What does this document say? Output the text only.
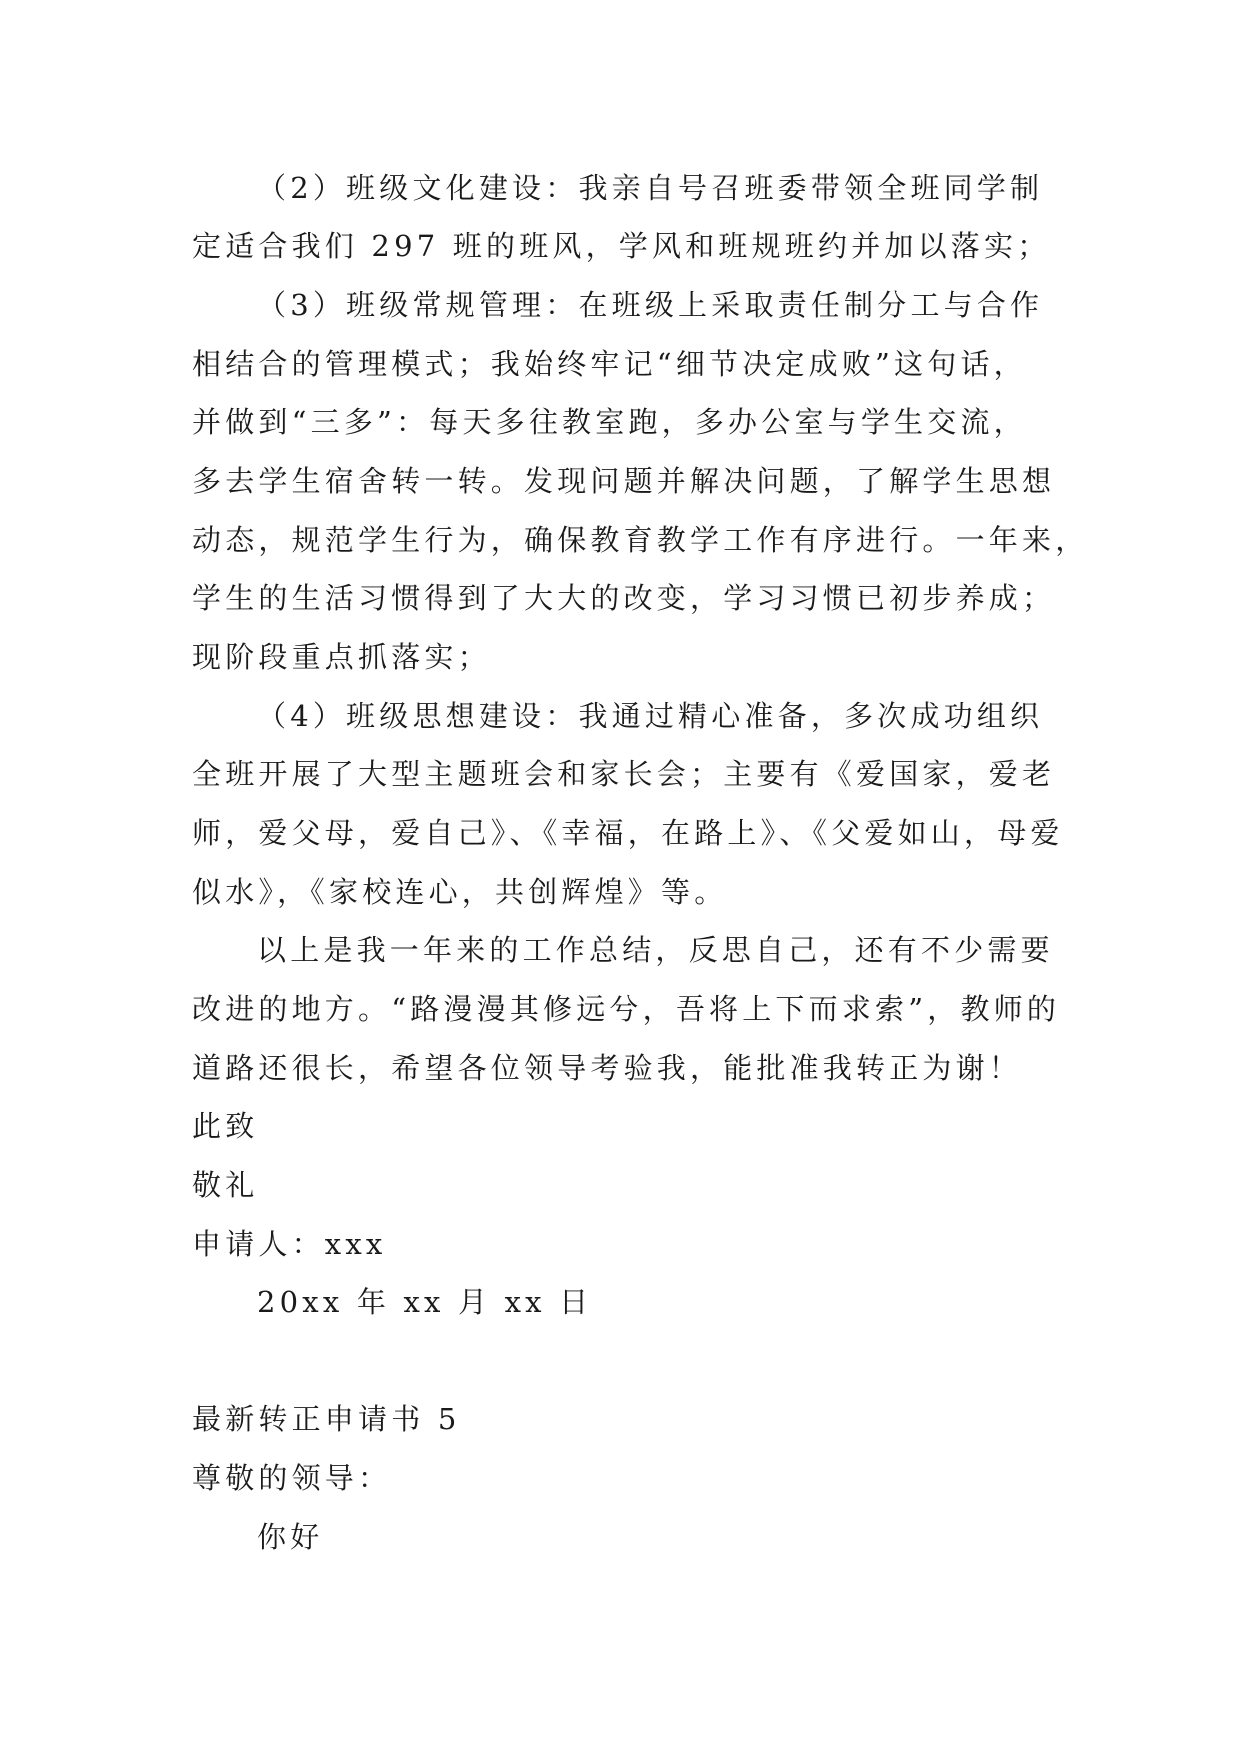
（2）班级文化建设：我亲自号召班委带领全班同学制

定适合我们 297 班的班风，学风和班规班约并加以落实；

（3）班级常规管理：在班级上采取责任制分工与合作

相结合的管理模式；我始终牢记“细节决定成败”这句话，

并做到“三多”：每天多往教室跑，多办公室与学生交流，

多去学生宿舍转一转。发现问题并解决问题，了解学生思想

动态，规范学生行为，确保教育教学工作有序进行。一年来，

学生的生活习惯得到了大大的改变，学习习惯已初步养成；

现阶段重点抓落实；

（4）班级思想建设：我通过精心准备，多次成功组织

全班开展了大型主题班会和家长会；主要有《爱国家，爱老

师，爱父母，爱自己》、《幸福，在路上》、《父爱如山，母爱

似水》，《家校连心，共创辉煌》等。

以上是我一年来的工作总结，反思自己，还有不少需要

改进的地方。“路漫漫其修远兮，吾将上下而求索”，教师的

道路还很长，希望各位领导考验我，能批准我转正为谢！

此致

敬礼

申请人：xxx

20xx 年 xx 月 xx 日

最新转正申请书 5

尊敬的领导：

你好
